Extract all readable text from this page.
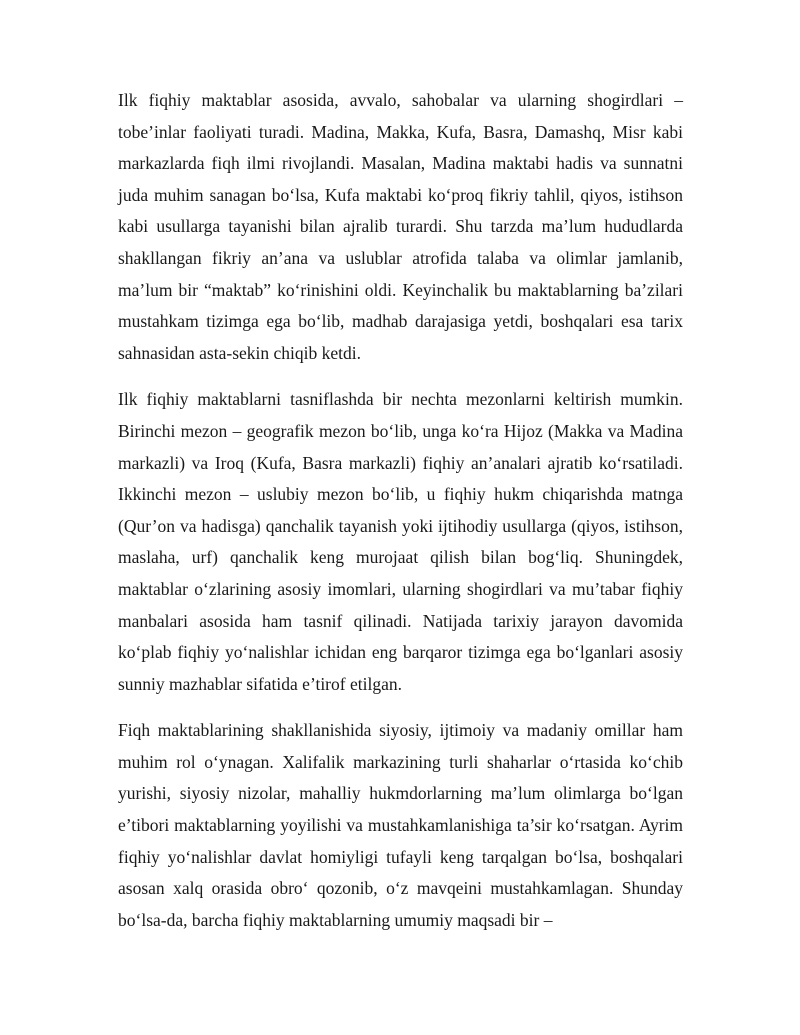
Ilk fiqhiy maktablar asosida, avvalo, sahobalar va ularning shogirdlari – tobe’inlar faoliyati turadi. Madina, Makka, Kufa, Basra, Damashq, Misr kabi markazlarda fiqh ilmi rivojlandi. Masalan, Madina maktabi hadis va sunnatni juda muhim sanagan bo‘lsa, Kufa maktabi ko‘proq fikriy tahlil, qiyos, istihson kabi usullarga tayanishi bilan ajralib turardi. Shu tarzda ma’lum hududlarda shakllangan fikriy an’ana va uslublar atrofida talaba va olimlar jamlanib, ma’lum bir “maktab” ko‘rinishini oldi. Keyinchalik bu maktablarning ba’zilari mustahkam tizimga ega bo‘lib, madhab darajasiga yetdi, boshqalari esa tarix sahnasidan asta-sekin chiqib ketdi.

Ilk fiqhiy maktablarni tasniflashda bir nechta mezonlarni keltirish mumkin. Birinchi mezon – geografik mezon bo‘lib, unga ko‘ra Hijoz (Makka va Madina markazli) va Iroq (Kufa, Basra markazli) fiqhiy an’analari ajratib ko‘rsatiladi. Ikkinchi mezon – uslubiy mezon bo‘lib, u fiqhiy hukm chiqarishda matnga (Qur’on va hadisga) qanchalik tayanish yoki ijtihodiy usullarga (qiyos, istihson, maslaha, urf) qanchalik keng murojaat qilish bilan bog‘liq. Shuningdek, maktablar o‘zlarining asosiy imomlari, ularning shogirdlari va mu’tabar fiqhiy manbalari asosida ham tasnif qilinadi. Natijada tarixiy jarayon davomida ko‘plab fiqhiy yo‘nalishlar ichidan eng barqaror tizimga ega bo‘lganlari asosiy sunniy mazhablar sifatida e’tirof etilgan.

Fiqh maktablarining shakllanishida siyosiy, ijtimoiy va madaniy omillar ham muhim rol o‘ynagan. Xalifalik markazining turli shaharlar o‘rtasida ko‘chib yurishi, siyosiy nizolar, mahalliy hukmdorlarning ma’lum olimlarga bo‘lgan e’tibori maktablarning yoyilishi va mustahkamlanishiga ta’sir ko‘rsatgan. Ayrim fiqhiy yo‘nalishlar davlat homiyligi tufayli keng tarqalgan bo‘lsa, boshqalari asosan xalq orasida obro‘ qozonib, o‘z mavqeini mustahkamlagan. Shunday bo‘lsa-da, barcha fiqhiy maktablarning umumiy maqsadi bir –
